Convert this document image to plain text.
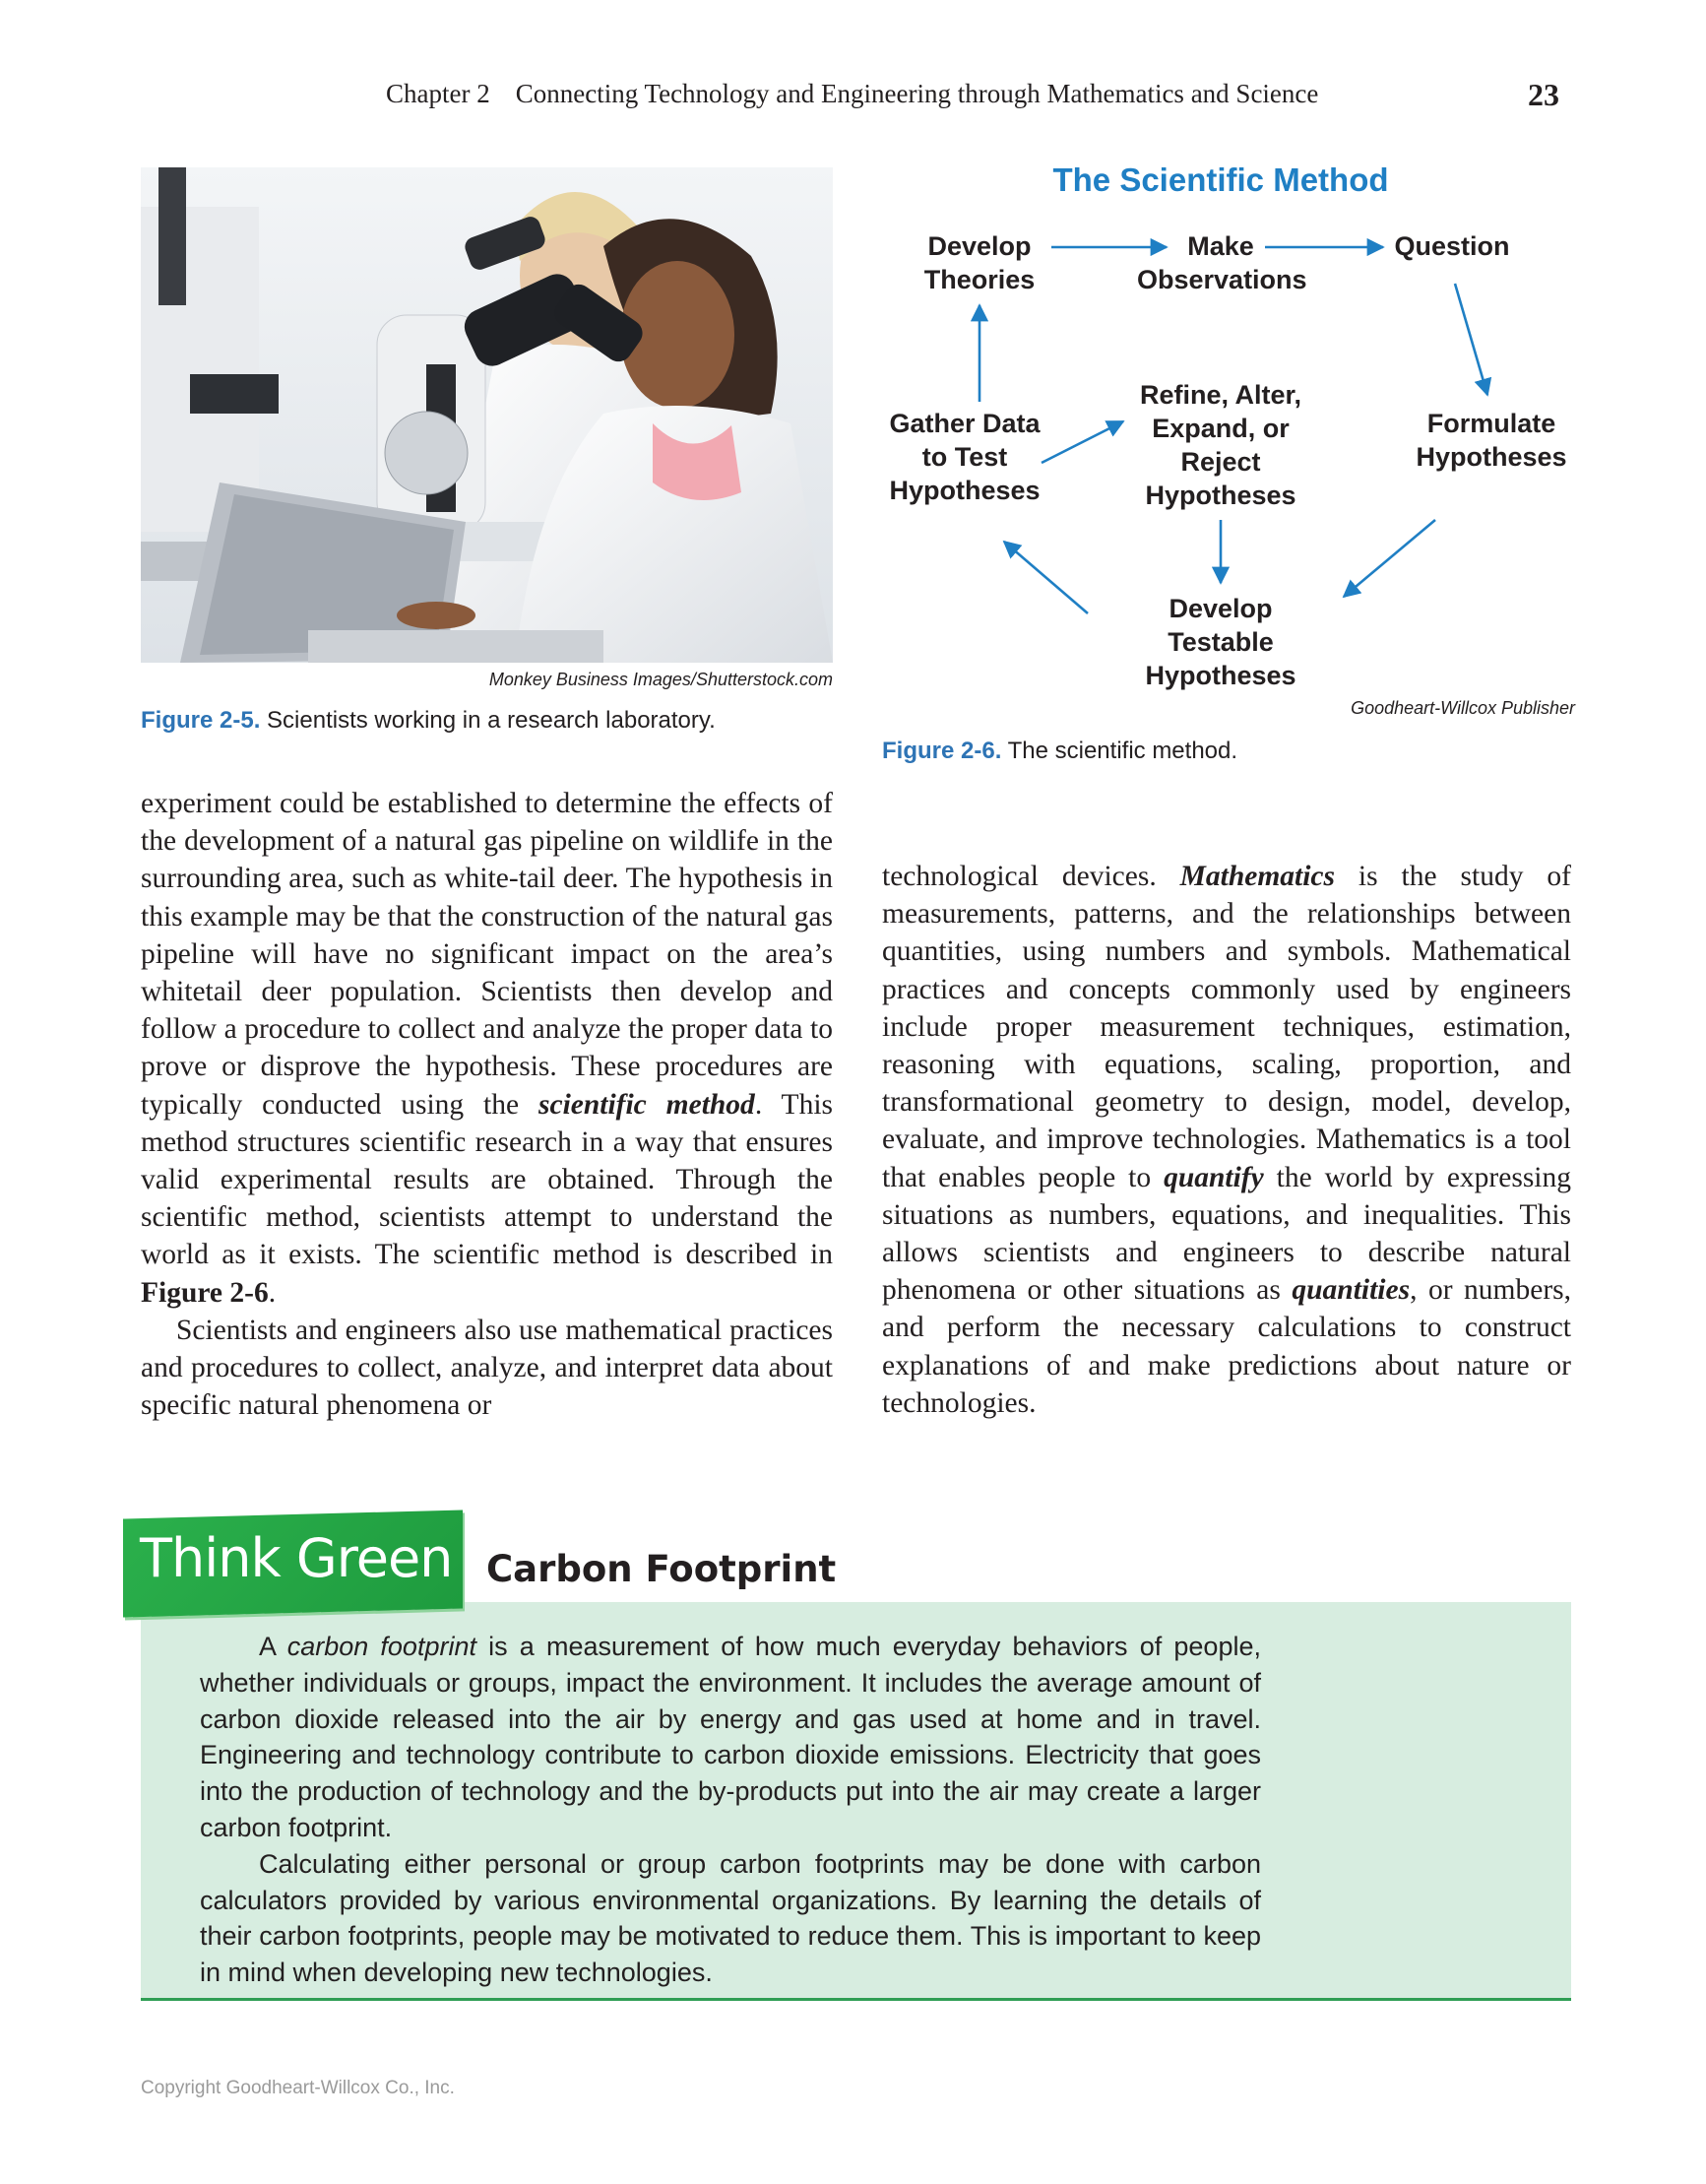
Chapter 2 Connecting Technology and Engineering through Mathematics and Science	23
Monkey Business Images/Shutterstock.com
Figure 2-5. Scientists working in a research laboratory.
The Scientific Method
Develop
Theories
Make
Observations
Question
Gather Data
to Test
Hypotheses
Refine, Alter,
Expand, or
Reject
Hypotheses
Formulate
Hypotheses
Develop
Testable
Hypotheses
Goodheart-Willcox Publisher
Figure 2-6. The scientific method.

experiment could be established to determine the effects of the development of a natural gas pipeline on wildlife in the surrounding area, such as white-tail deer. The hypothesis in this example may be that the construction of the natural gas pipeline will have no significant impact on the area’s whitetail deer population. Scientists then develop and follow a procedure to collect and analyze the proper data to prove or disprove the hypothesis. These procedures are typically conducted using the scientific method. This method structures scientific research in a way that ensures valid experimental results are obtained. Through the scientific method, scientists attempt to understand the world as it exists. The scientific method is described in Figure 2-6.

Scientists and engineers also use mathematical practices and procedures to collect, analyze, and interpret data about specific natural phenomena or

technological devices. Mathematics is the study of measurements, patterns, and the relationships between quantities, using numbers and symbols. Mathematical practices and concepts commonly used by engineers include proper measurement techniques, estimation, reasoning with equations, scaling, proportion, and transformational geometry to design, model, develop, evaluate, and improve technologies. Mathematics is a tool that enables people to quantify the world by expressing situations as numbers, equations, and inequalities. This allows scientists and engineers to describe natural phenomena or other situations as quantities, or numbers, and perform the necessary calculations to construct explanations of and make predictions about nature or technologies.

Think Green Carbon Footprint

A carbon footprint is a measurement of how much everyday behaviors of people, whether individuals or groups, impact the environment. It includes the average amount of carbon dioxide released into the air by energy and gas used at home and in travel. Engineering and technology contribute to carbon dioxide emissions. Electricity that goes into the production of technology and the by-products put into the air may create a larger carbon footprint.

Calculating either personal or group carbon footprints may be done with carbon calculators provided by various environmental organizations. By learning the details of their carbon footprints, people may be motivated to reduce them. This is important to keep in mind when developing new technologies.

Copyright Goodheart-Willcox Co., Inc.
